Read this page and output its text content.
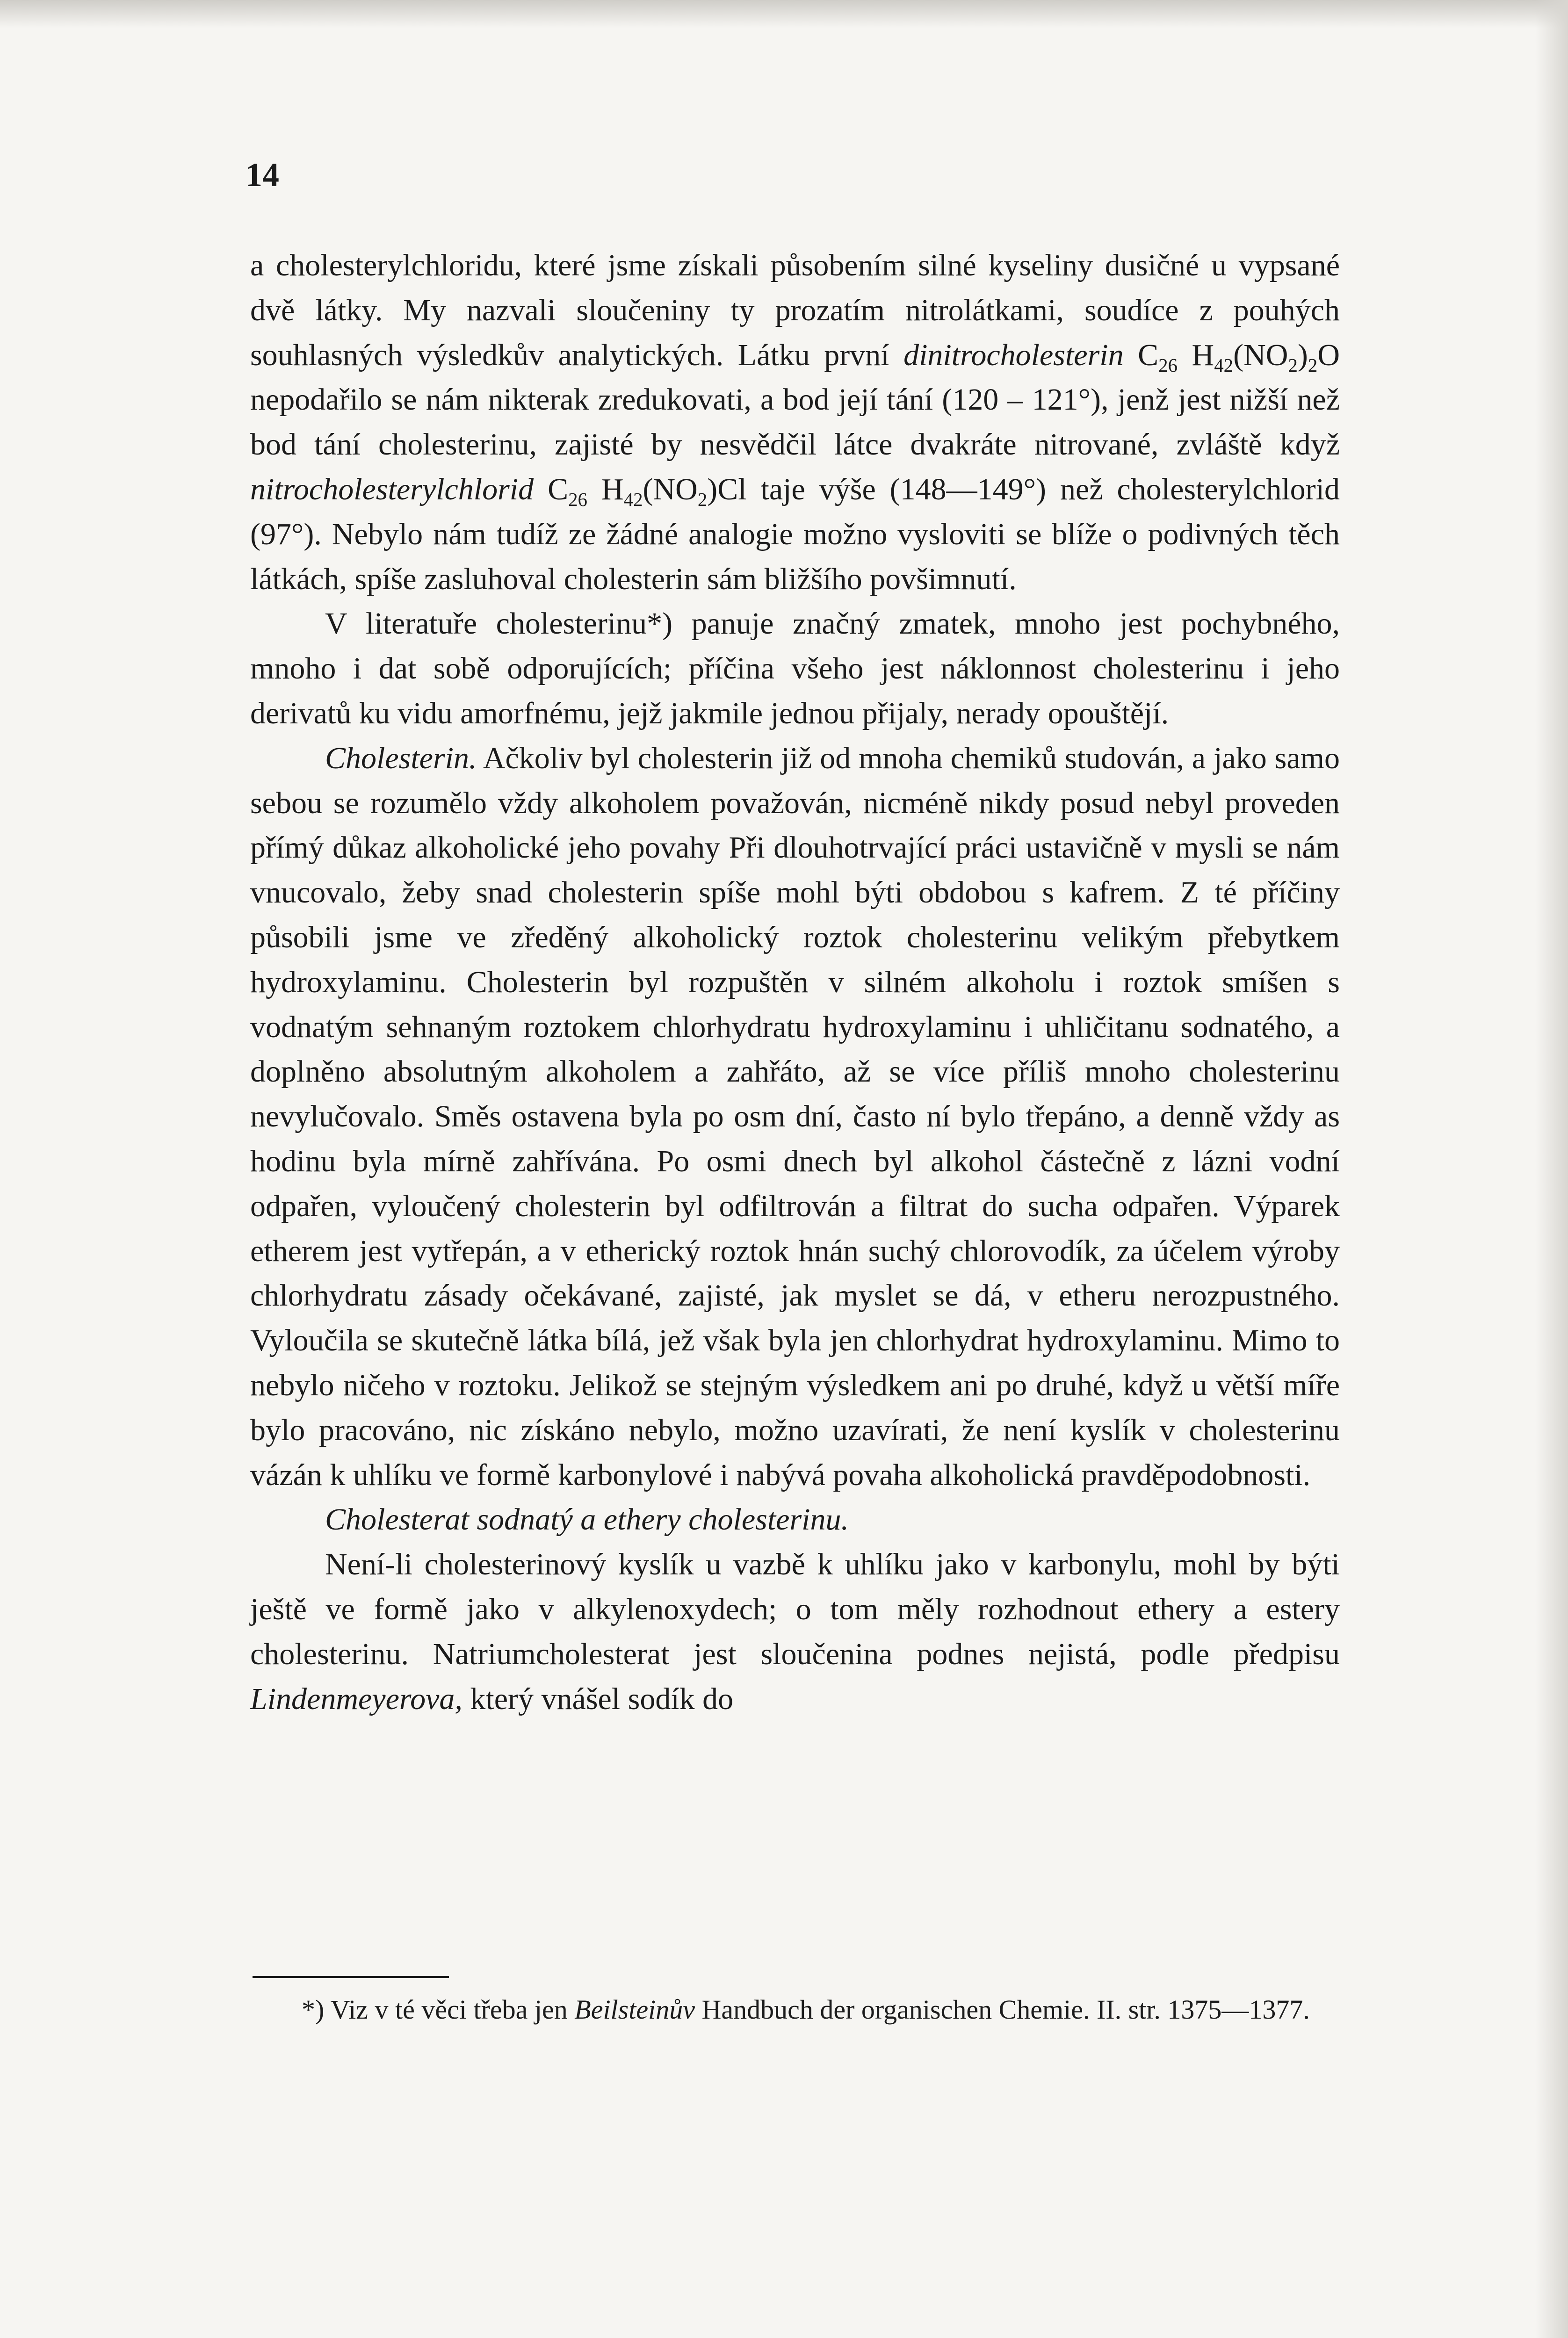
14

a cholesterylchloridu, které jsme získali působením silné kyseliny dusičné u vypsané dvě látky. My nazvali sloučeniny ty prozatím nitrolátkami, soudíce z pouhých souhlasných výsledkův analytických. Látku první dinitrocholesterin $C_{26}$ $H_{42}(NO_2)_2O$ nepodařilo se nám nikterak zredukovati, a bod její tání (120 – 121°), jenž jest nižší než bod tání cholesterinu, zajisté by nesvědčil látce dvakráte nitrované, zvláště když nitrocholesterylchlorid $C_{26}$ $H_{42}(NO_2)Cl$ taje výše (148—149°) než cholesterylchlorid (97°). Nebylo nám tudíž ze žádné analogie možno vysloviti se blíže o podivných těch látkách, spíše zasluhoval cholesterin sám bližšího povšimnutí.

V literatuře cholesterinu*) panuje značný zmatek, mnoho jest pochybného, mnoho i dat sobě odporujících; příčina všeho jest náklonnost cholesterinu i jeho derivatů ku vidu amorfnému, jejž jakmile jednou přijaly, nerady opouštějí.

Cholesterin. Ačkoliv byl cholesterin již od mnoha chemiků studován, a jako samo sebou se rozumělo vždy alkoholem považován, nicméně nikdy posud nebyl proveden přímý důkaz alkoholické jeho povahy Při dlouhotrvající práci ustavičně v mysli se nám vnucovalo, žeby snad cholesterin spíše mohl býti obdobou s kafrem. Z té příčiny působili jsme ve zředěný alkoholický roztok cholesterinu velikým přebytkem hydroxylaminu. Cholesterin byl rozpuštěn v silném alkoholu i roztok smíšen s vodnatým sehnaným roztokem chlorhydratu hydroxylaminu i uhličitanu sodnatého, a doplněno absolutným alkoholem a zahřáto, až se více příliš mnoho cholesterinu nevylučovalo. Směs ostavena byla po osm dní, často ní bylo třepáno, a denně vždy as hodinu byla mírně zahřívána. Po osmi dnech byl alkohol částečně z lázni vodní odpařen, vyloučený cholesterin byl odfiltrován a filtrat do sucha odpařen. Výparek etherem jest vytřepán, a v etherický roztok hnán suchý chlorovodík, za účelem výroby chlorhydratu zásady očekávané, zajisté, jak myslet se dá, v etheru nerozpustného. Vyloučila se skutečně látka bílá, jež však byla jen chlorhydrat hydroxylaminu. Mimo to nebylo ničeho v roztoku. Jelikož se stejným výsledkem ani po druhé, když u větší míře bylo pracováno, nic získáno nebylo, možno uzavírati, že není kyslík v cholesterinu vázán k uhlíku ve formě karbonylové i nabývá povaha alkoholická pravděpodobnosti.

Cholesterat sodnatý a ethery cholesterinu.

Není-li cholesterinový kyslík u vazbě k uhlíku jako v karbonylu, mohl by býti ještě ve formě jako v alkylenoxydech; o tom měly rozhodnout ethery a estery cholesterinu. Natriumcholesterat jest sloučenina podnes nejistá, podle předpisu Lindenmeyerova, který vnášel sodík do

*) Viz v té věci třeba jen Beilsteinův Handbuch der organischen Chemie. II. str. 1375—1377.
